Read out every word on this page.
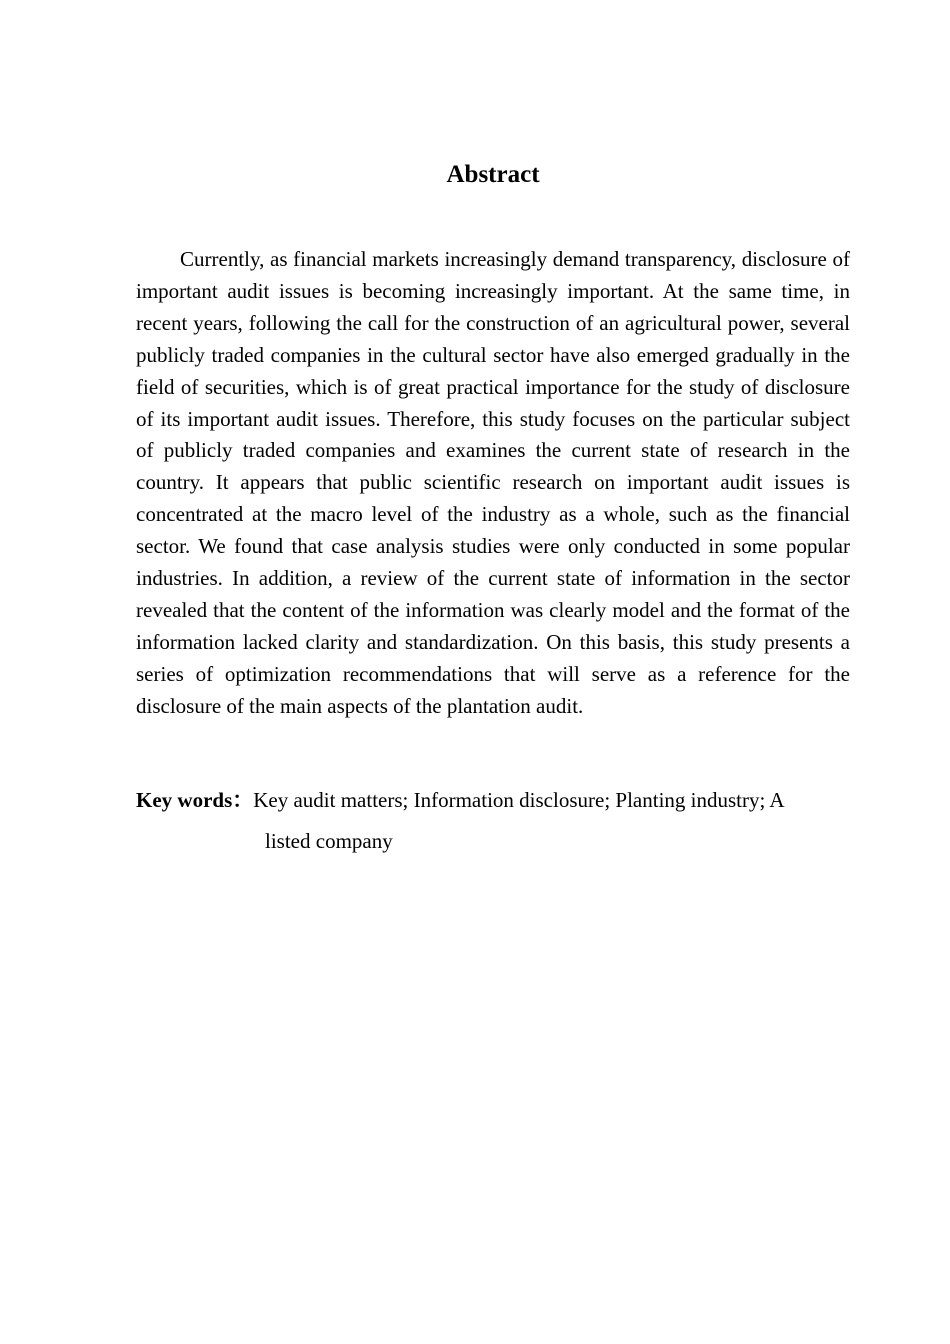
Abstract

Currently, as financial markets increasingly demand transparency, disclosure of important audit issues is becoming increasingly important. At the same time, in recent years, following the call for the construction of an agricultural power, several publicly traded companies in the cultural sector have also emerged gradually in the field of securities, which is of great practical importance for the study of disclosure of its important audit issues. Therefore, this study focuses on the particular subject of publicly traded companies and examines the current state of research in the country. It appears that public scientific research on important audit issues is concentrated at the macro level of the industry as a whole, such as the financial sector. We found that case analysis studies were only conducted in some popular industries. In addition, a review of the current state of information in the sector revealed that the content of the information was clearly model and the format of the information lacked clarity and standardization. On this basis, this study presents a series of optimization recommendations that will serve as a reference for the disclosure of the main aspects of the plantation audit.

Key words：Key audit matters; Information disclosure; Planting industry; A

listed company
